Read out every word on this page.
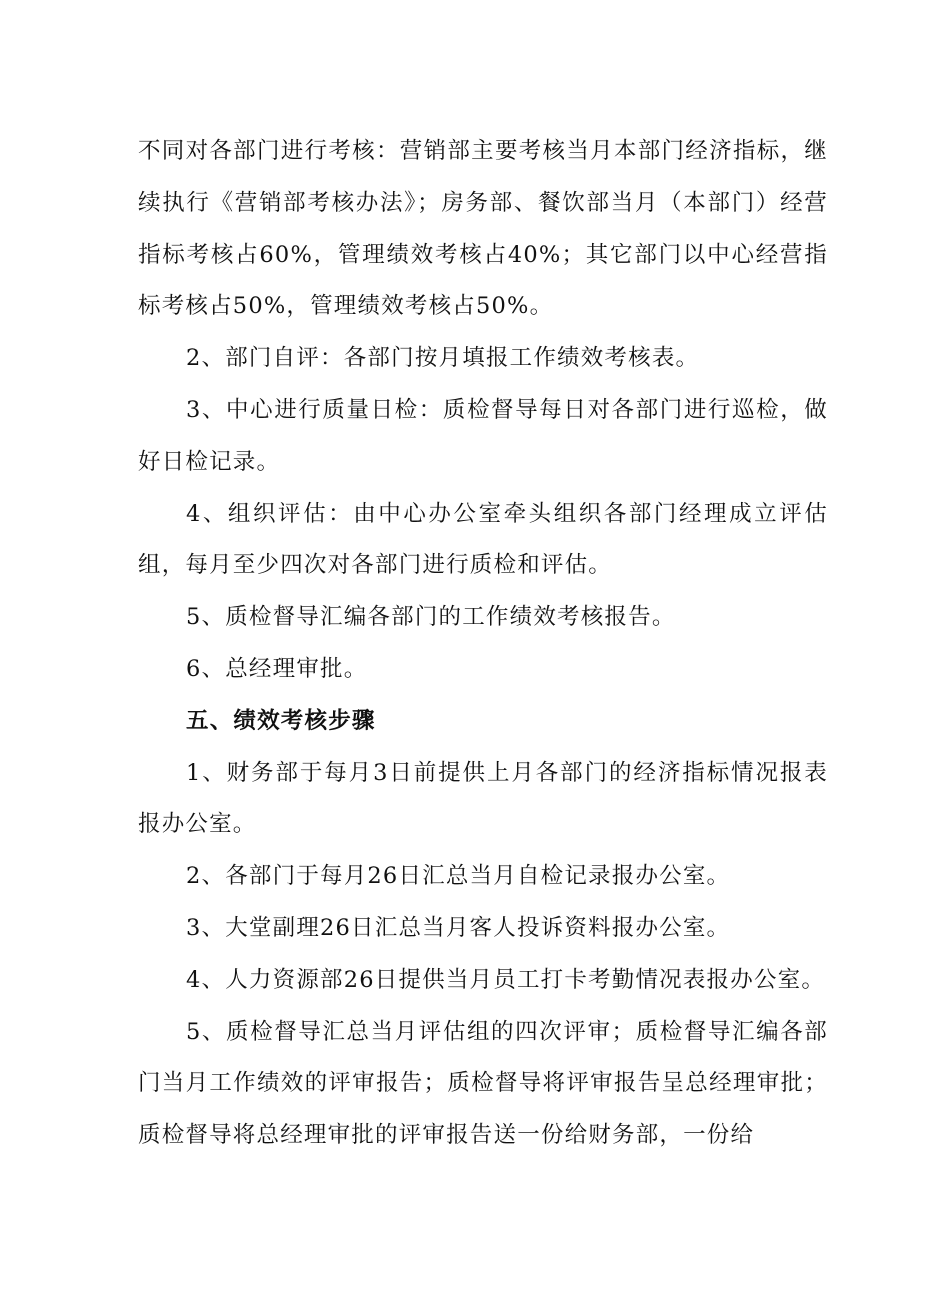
不同对各部门进行考核：营销部主要考核当月本部门经济指标，继续执行《营销部考核办法》；房务部、餐饮部当月（本部门）经营指标考核占60%，管理绩效考核占40%；其它部门以中心经营指标考核占50%，管理绩效考核占50%。

2、部门自评：各部门按月填报工作绩效考核表。

3、中心进行质量日检：质检督导每日对各部门进行巡检，做好日检记录。

4、组织评估：由中心办公室牵头组织各部门经理成立评估组，每月至少四次对各部门进行质检和评估。

5、质检督导汇编各部门的工作绩效考核报告。

6、总经理审批。

五、绩效考核步骤

1、财务部于每月3日前提供上月各部门的经济指标情况报表报办公室。

2、各部门于每月26日汇总当月自检记录报办公室。

3、大堂副理26日汇总当月客人投诉资料报办公室。

4、人力资源部26日提供当月员工打卡考勤情况表报办公室。

5、质检督导汇总当月评估组的四次评审；质检督导汇编各部门当月工作绩效的评审报告；质检督导将评审报告呈总经理审批；质检督导将总经理审批的评审报告送一份给财务部，一份给
